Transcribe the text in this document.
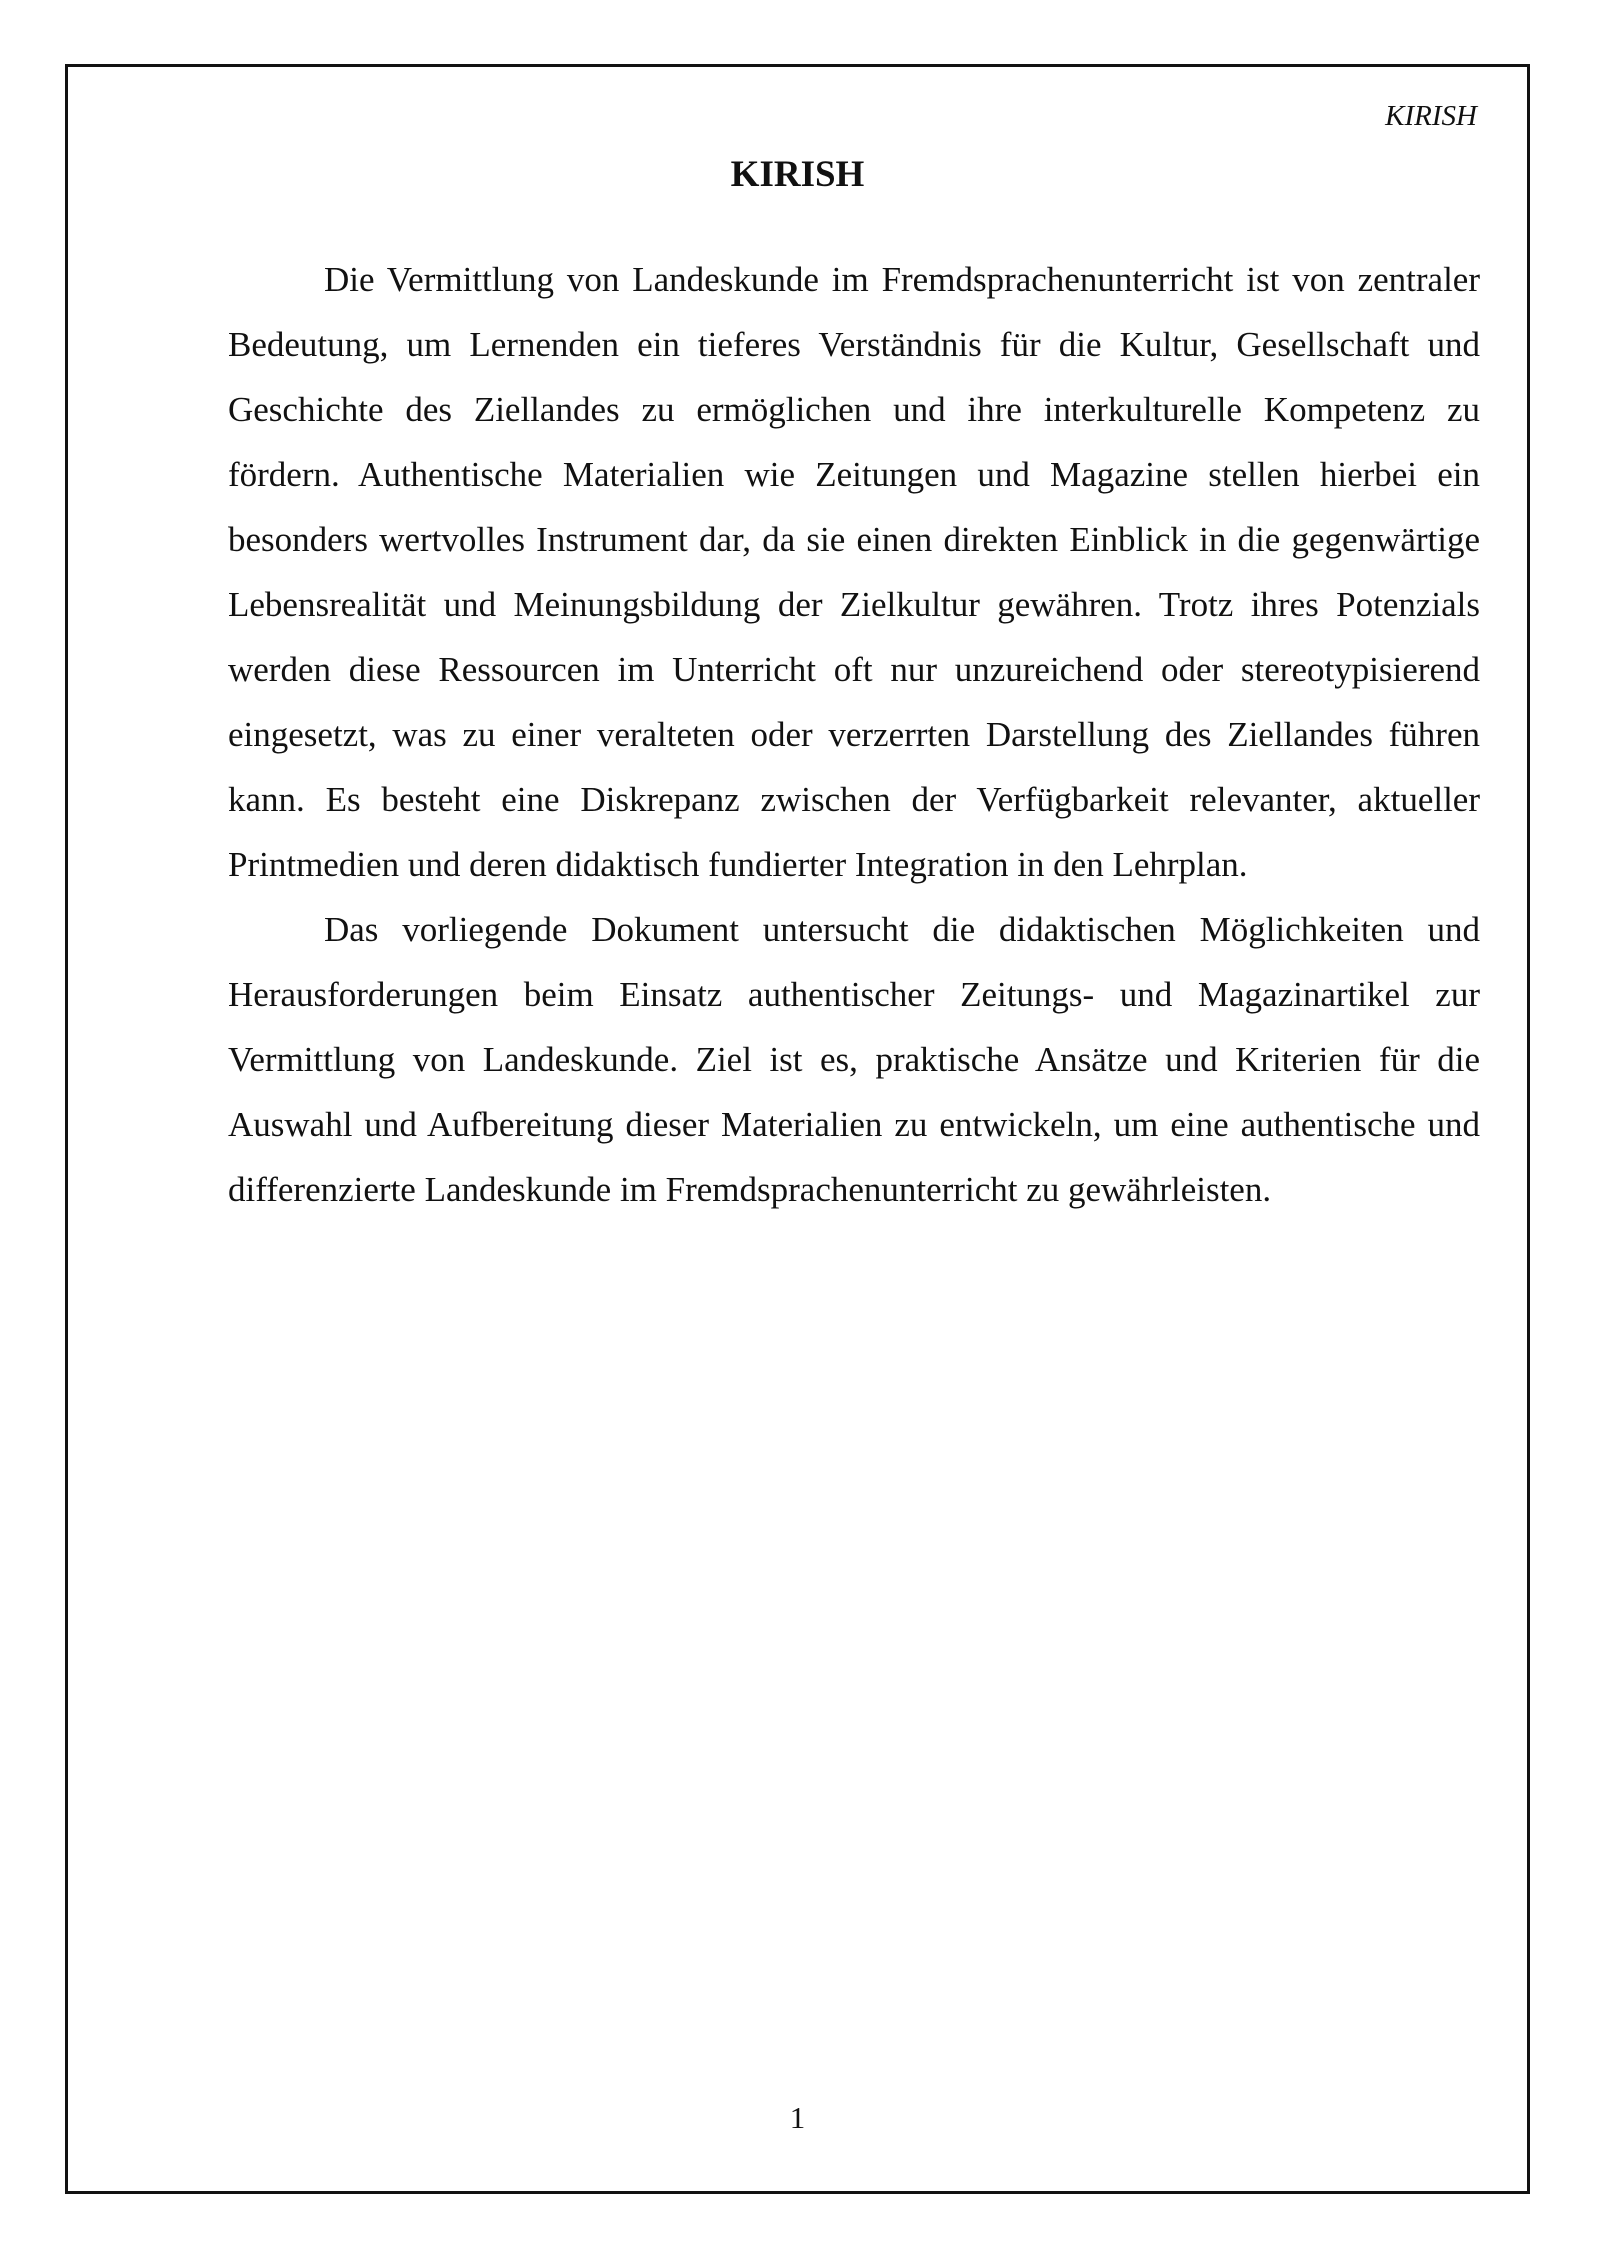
KIRISH
KIRISH

Die Vermittlung von Landeskunde im Fremdsprachenunterricht ist von zentraler Bedeutung, um Lernenden ein tieferes Verständnis für die Kultur, Gesellschaft und Geschichte des Ziellandes zu ermöglichen und ihre interkulturelle Kompetenz zu fördern. Authentische Materialien wie Zeitungen und Magazine stellen hierbei ein besonders wertvolles Instrument dar, da sie einen direkten Einblick in die gegenwärtige Lebensrealität und Meinungsbildung der Zielkultur gewähren. Trotz ihres Potenzials werden diese Ressourcen im Unterricht oft nur unzureichend oder stereotypisierend eingesetzt, was zu einer veralteten oder verzerrten Darstellung des Ziellandes führen kann. Es besteht eine Diskrepanz zwischen der Verfügbarkeit relevanter, aktueller Printmedien und deren didaktisch fundierter Integration in den Lehrplan.

Das vorliegende Dokument untersucht die didaktischen Möglichkeiten und Herausforderungen beim Einsatz authentischer Zeitungs- und Magazinartikel zur Vermittlung von Landeskunde. Ziel ist es, praktische Ansätze und Kriterien für die Auswahl und Aufbereitung dieser Materialien zu entwickeln, um eine authentische und differenzierte Landeskunde im Fremdsprachenunterricht zu gewährleisten.

1
